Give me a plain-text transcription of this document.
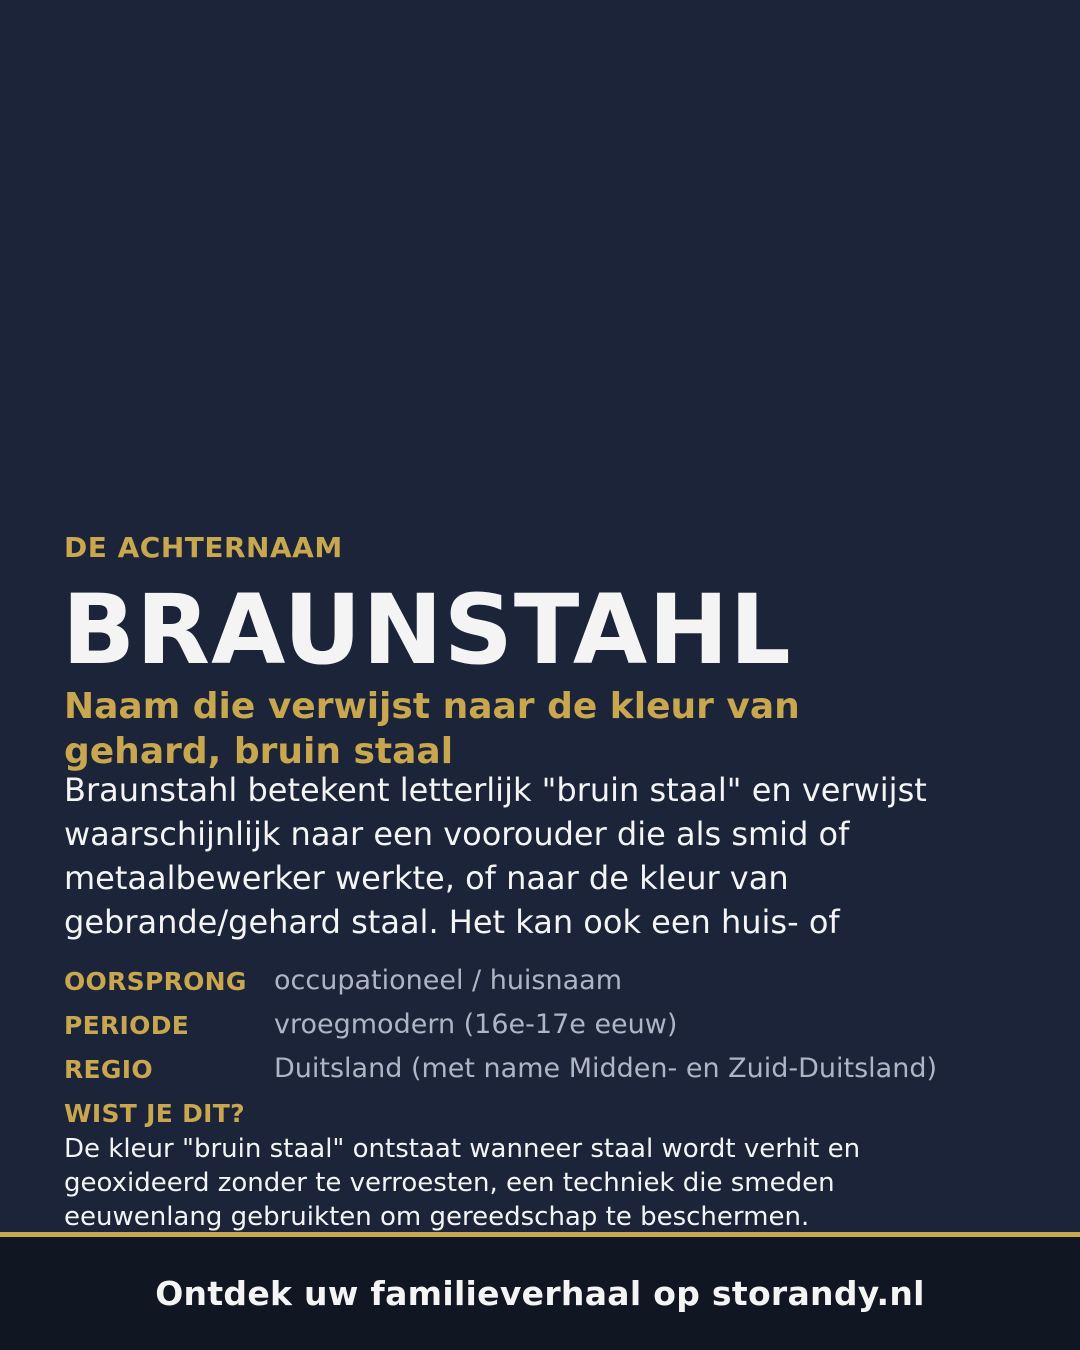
DE ACHTERNAAM

BRAUNSTAHL
Naam die verwijst naar de kleur van gehard, bruin staal

Braunstahl betekent letterlijk "bruin staal" en verwijst waarschijnlijk naar een voorouder die als smid of metaalbewerker werkte, of naar de kleur van gebrande/gehard staal. Het kan ook een huis- of

OORSPRONG	occupationeel / huisnaam
PERIODE	vroegmodern (16e-17e eeuw)
REGIO	Duitsland (met name Midden- en Zuid-Duitsland)
WIST JE DIT?
De kleur "bruin staal" ontstaat wanneer staal wordt verhit en geoxideerd zonder te verroesten, een techniek die smeden eeuwenlang gebruikten om gereedschap te beschermen.
Ontdek uw familieverhaal op storandy.nl
